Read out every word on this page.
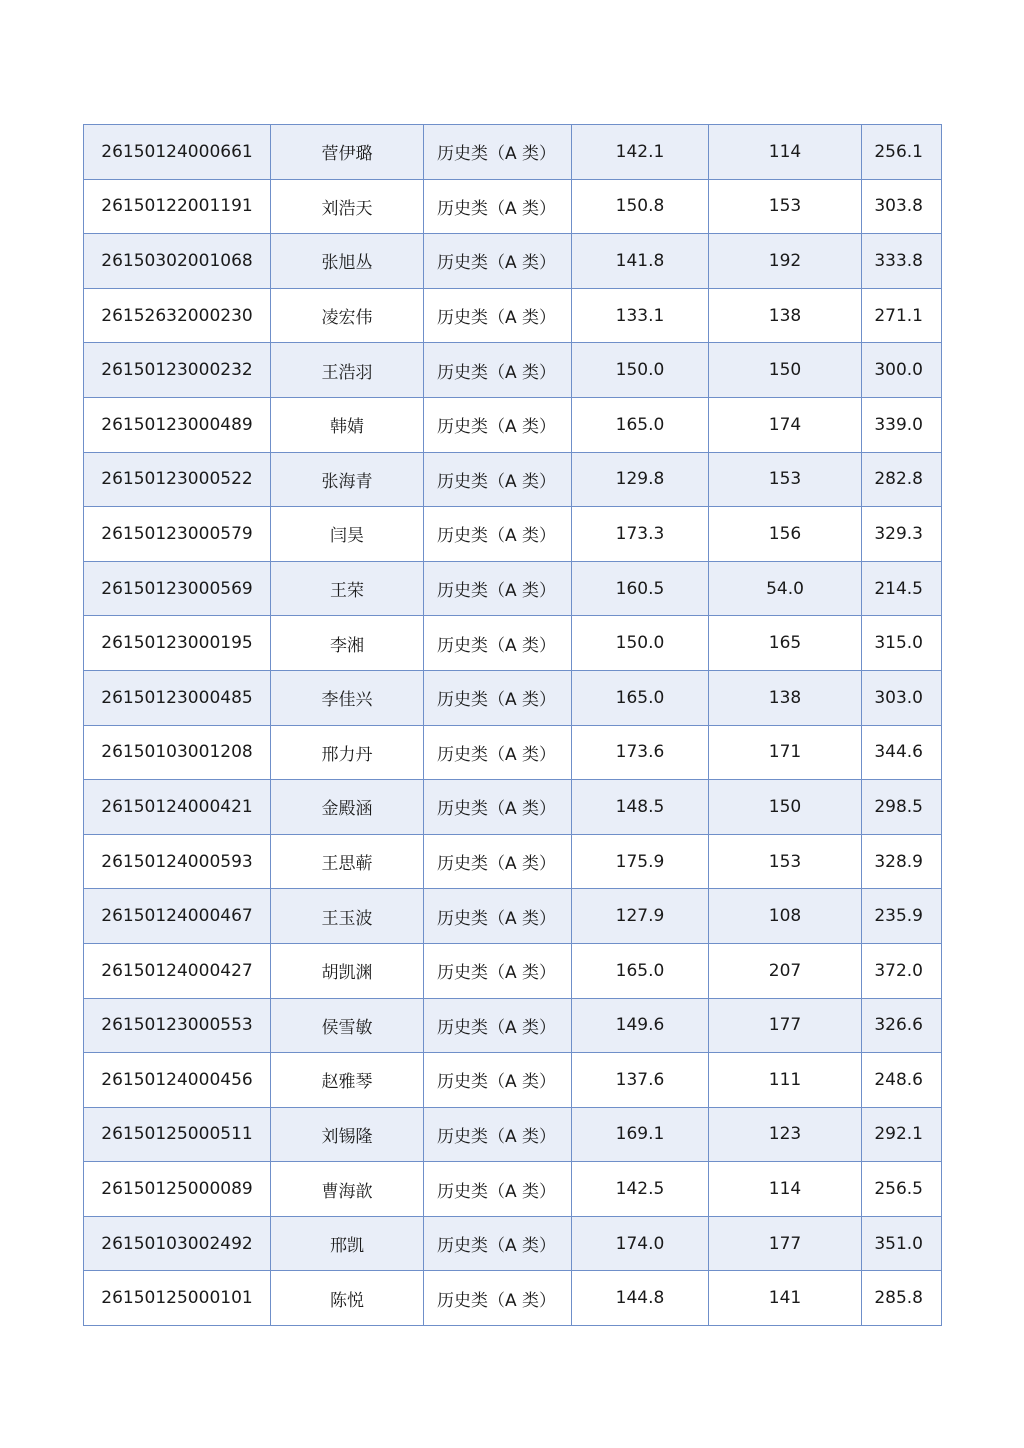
26150124000661	菅伊璐	历史类（A 类）	142.1	114	256.1
26150122001191	刘浩天	历史类（A 类）	150.8	153	303.8
26150302001068	张旭丛	历史类（A 类）	141.8	192	333.8
26152632000230	凌宏伟	历史类（A 类）	133.1	138	271.1
26150123000232	王浩羽	历史类（A 类）	150.0	150	300.0
26150123000489	韩婧	历史类（A 类）	165.0	174	339.0
26150123000522	张海青	历史类（A 类）	129.8	153	282.8
26150123000579	闫昊	历史类（A 类）	173.3	156	329.3
26150123000569	王荣	历史类（A 类）	160.5	54.0	214.5
26150123000195	李湘	历史类（A 类）	150.0	165	315.0
26150123000485	李佳兴	历史类（A 类）	165.0	138	303.0
26150103001208	邢力丹	历史类（A 类）	173.6	171	344.6
26150124000421	金殿涵	历史类（A 类）	148.5	150	298.5
26150124000593	王思蕲	历史类（A 类）	175.9	153	328.9
26150124000467	王玉波	历史类（A 类）	127.9	108	235.9
26150124000427	胡凯渊	历史类（A 类）	165.0	207	372.0
26150123000553	侯雪敏	历史类（A 类）	149.6	177	326.6
26150124000456	赵雅琴	历史类（A 类）	137.6	111	248.6
26150125000511	刘锡隆	历史类（A 类）	169.1	123	292.1
26150125000089	曹海歆	历史类（A 类）	142.5	114	256.5
26150103002492	邢凯	历史类（A 类）	174.0	177	351.0
26150125000101	陈悦	历史类（A 类）	144.8	141	285.8
